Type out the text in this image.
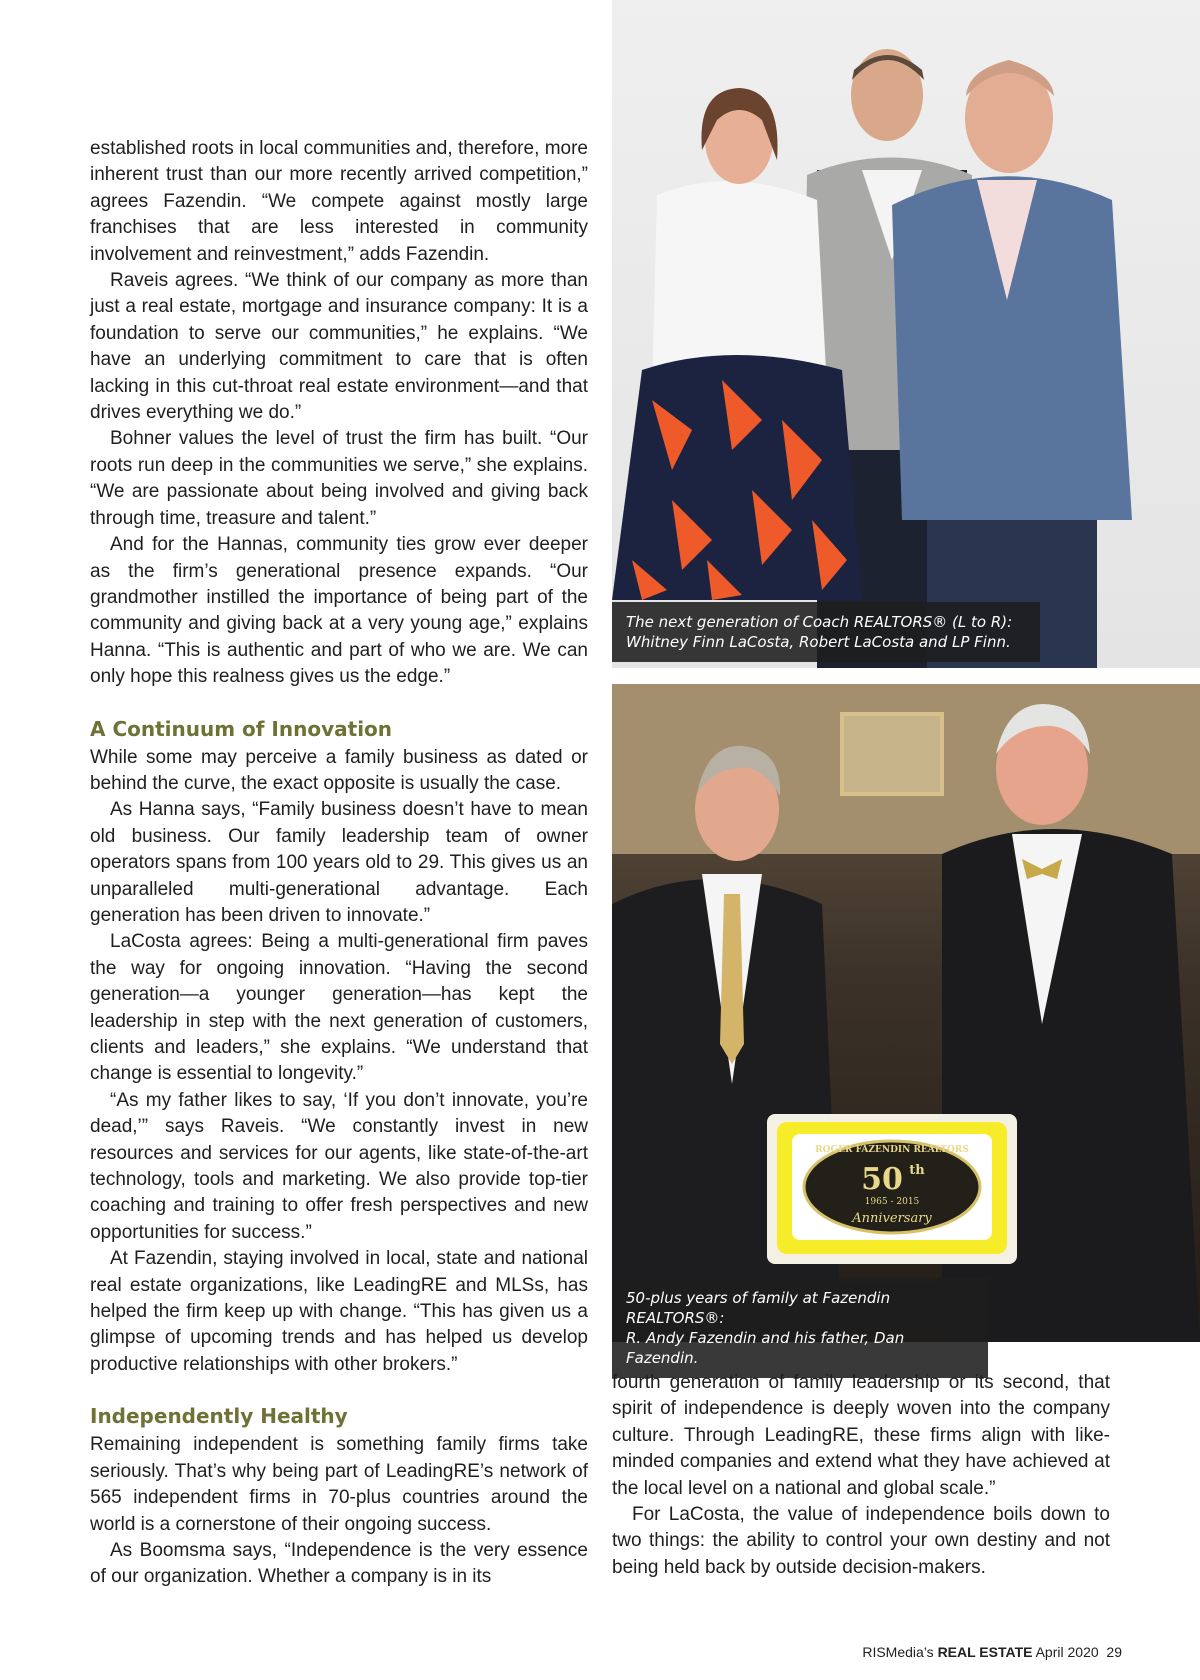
established roots in local communities and, therefore, more inherent trust than our more recently arrived competition,” agrees Fazendin. “We compete against mostly large franchises that are less interested in community involvement and reinvestment,” adds Fazendin.

Raveis agrees. “We think of our company as more than just a real estate, mortgage and insurance company: It is a foundation to serve our communities,” he explains. “We have an underlying commitment to care that is often lacking in this cut-throat real estate environment—and that drives everything we do.”

Bohner values the level of trust the firm has built. “Our roots run deep in the communities we serve,” she explains. “We are passionate about being involved and giving back through time, treasure and talent.”

And for the Hannas, community ties grow ever deeper as the firm’s generational presence expands. “Our grandmother instilled the importance of being part of the community and giving back at a very young age,” explains Hanna. “This is authentic and part of who we are. We can only hope this realness gives us the edge.”

A Continuum of Innovation

While some may perceive a family business as dated or behind the curve, the exact opposite is usually the case.

As Hanna says, “Family business doesn’t have to mean old business. Our family leadership team of owner operators spans from 100 years old to 29. This gives us an unparalleled multi-generational advantage. Each generation has been driven to innovate.”

LaCosta agrees: Being a multi-generational firm paves the way for ongoing innovation. “Having the second generation—a younger generation—has kept the leadership in step with the next generation of customers, clients and leaders,” she explains. “We understand that change is essential to longevity.”

“As my father likes to say, ‘If you don’t innovate, you’re dead,’” says Raveis. “We constantly invest in new resources and services for our agents, like state-of-the-art technology, tools and marketing. We also provide top-tier coaching and training to offer fresh perspectives and new opportunities for success.”

At Fazendin, staying involved in local, state and national real estate organizations, like LeadingRE and MLSs, has helped the firm keep up with change. “This has given us a glimpse of upcoming trends and has helped us develop productive relationships with other brokers.”

Independently Healthy

Remaining independent is something family firms take seriously. That’s why being part of LeadingRE’s network of 565 independent firms in 70-plus countries around the world is a cornerstone of their ongoing success.

As Boomsma says, “Independence is the very essence of our organization. Whether a company is in its

The next generation of Coach REALTORS® (L to R):
Whitney Finn LaCosta, Robert LaCosta and LP Finn.
ROGER FAZENDIN REALTORS
50 th
1965 - 2015
Anniversary
50-plus years of family at Fazendin REALTORS®:
R. Andy Fazendin and his father, Dan Fazendin.

fourth generation of family leadership or its second, that spirit of independence is deeply woven into the company culture. Through LeadingRE, these firms align with like-minded companies and extend what they have achieved at the local level on a national and global scale.”

For LaCosta, the value of independence boils down to two things: the ability to control your own destiny and not being held back by outside decision-makers.

RISMedia’s REAL ESTATE April 2020 29
